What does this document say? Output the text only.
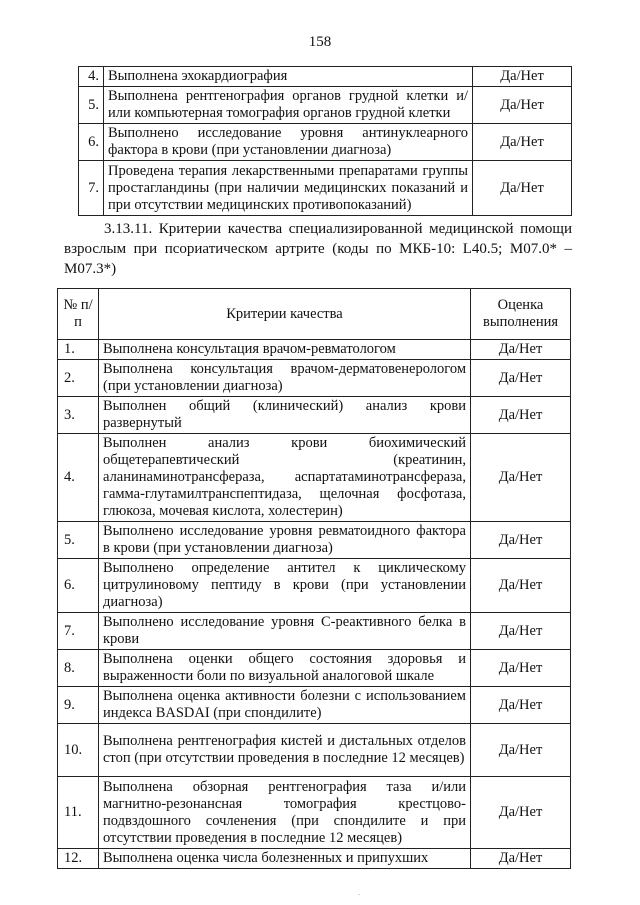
158
4.	Выполнена эхокардиография	Да/Нет
5.	Выполнена рентгенография органов грудной клетки и/или компьютерная томография органов грудной клетки	Да/Нет
6.	Выполнено исследование уровня антинуклеарного фактора в крови (при установлении диагноза)	Да/Нет
7.	Проведена терапия лекарственными препаратами группы простагландины (при наличии медицинских показаний и при отсутствии медицинских противопоказаний)	Да/Нет
3.13.11. Критерии качества специализированной медицинской помощи взрослым при псориатическом артрите (коды по МКБ-10: L40.5; M07.0* – M07.3*)
№ п/п	Критерии качества	Оценка выполнения
1.	Выполнена консультация врачом-ревматологом	Да/Нет
2.	Выполнена консультация врачом-дерматовенерологом (при установлении диагноза)	Да/Нет
3.	Выполнен общий (клинический) анализ крови развернутый	Да/Нет
4.	Выполнен анализ крови биохимический общетерапевтический (креатинин, аланинаминотрансфераза, аспартатаминотрансфераза, гамма-глутамилтранспептидаза, щелочная фосфотаза, глюкоза, мочевая кислота, холестерин)	Да/Нет
5.	Выполнено исследование уровня ревматоидного фактора в крови (при установлении диагноза)	Да/Нет
6.	Выполнено определение антител к циклическому цитрулиновому пептиду в крови (при установлении диагноза)	Да/Нет
7.	Выполнено исследование уровня С-реактивного белка в крови	Да/Нет
8.	Выполнена оценки общего состояния здоровья и выраженности боли по визуальной аналоговой шкале	Да/Нет
9.	Выполнена оценка активности болезни с использованием индекса BASDAI (при спондилите)	Да/Нет
10.	Выполнена рентгенография кистей и дистальных отделов стоп (при отсутствии проведения в последние 12 месяцев)	Да/Нет
11.	Выполнена обзорная рентгенография таза и/или магнитно-резонансная томография крестцово-подвздошного сочленения (при спондилите и при отсутствии проведения в последние 12 месяцев)	Да/Нет
12.	Выполнена оценка числа болезненных и припухших	Да/Нет
.
